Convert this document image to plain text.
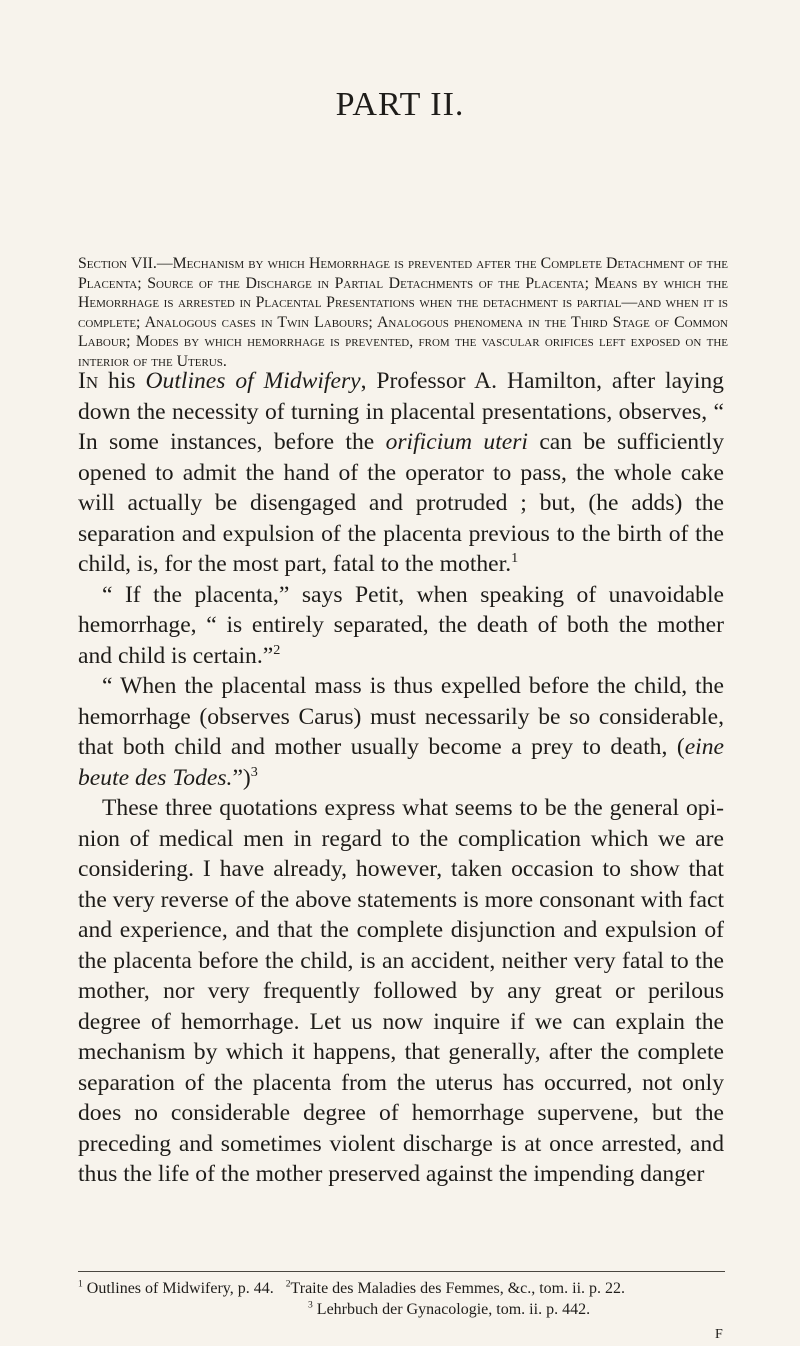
PART II.
Section VII.—Mechanism by which Hemorrhage is prevented after the Complete Detachment of the Placenta; Source of the Discharge in Partial Detachments of the Placenta; Means by which the Hemorrhage is arrested in Placental Presentations when the detachment is partial—and when it is complete; Analogous cases in Twin Labours; Analogous phenomena in the Third Stage of Common Labour; Modes by which hemorrhage is prevented, from the vascular orifices left exposed on the interior of the Uterus.

In his Outlines of Midwifery, Professor A. Hamilton, after laying down the necessity of turning in placental presentations, observes, “ In some instances, before the orificium uteri can be sufficiently opened to admit the hand of the operator to pass, the whole cake will actually be disengaged and protruded ; but, (he adds) the separation and expulsion of the placenta previous to the birth of the child, is, for the most part, fatal to the mother.$^1$

“ If the placenta,” says Petit, when speaking of unavoidable hemorrhage, “ is entirely separated, the death of both the mother and child is certain.”$^2$

“ When the placental mass is thus expelled before the child, the hemorrhage (observes Carus) must necessarily be so considerable, that both child and mother usually become a prey to death, (eine beute des Todes.”)$^3$

These three quotations express what seems to be the general opinion of medical men in regard to the complication which we are considering. I have already, however, taken occasion to show that the very reverse of the above statements is more consonant with fact and experience, and that the complete disjunction and expulsion of the placenta before the child, is an accident, neither very fatal to the mother, nor very frequently followed by any great or perilous degree of hemorrhage. Let us now inquire if we can explain the mechanism by which it happens, that generally, after the complete separation of the placenta from the uterus has occurred, not only does no considerable degree of hemorrhage supervene, but the preceding and sometimes violent discharge is at once arrested, and thus the life of the mother preserved against the impending danger

$^1$ Outlines of Midwifery, p. 44. $^2$Traite des Maladies des Femmes, &c., tom. ii. p. 22.
$^3$ Lehrbuch der Gynacologie, tom. ii. p. 442.
F
